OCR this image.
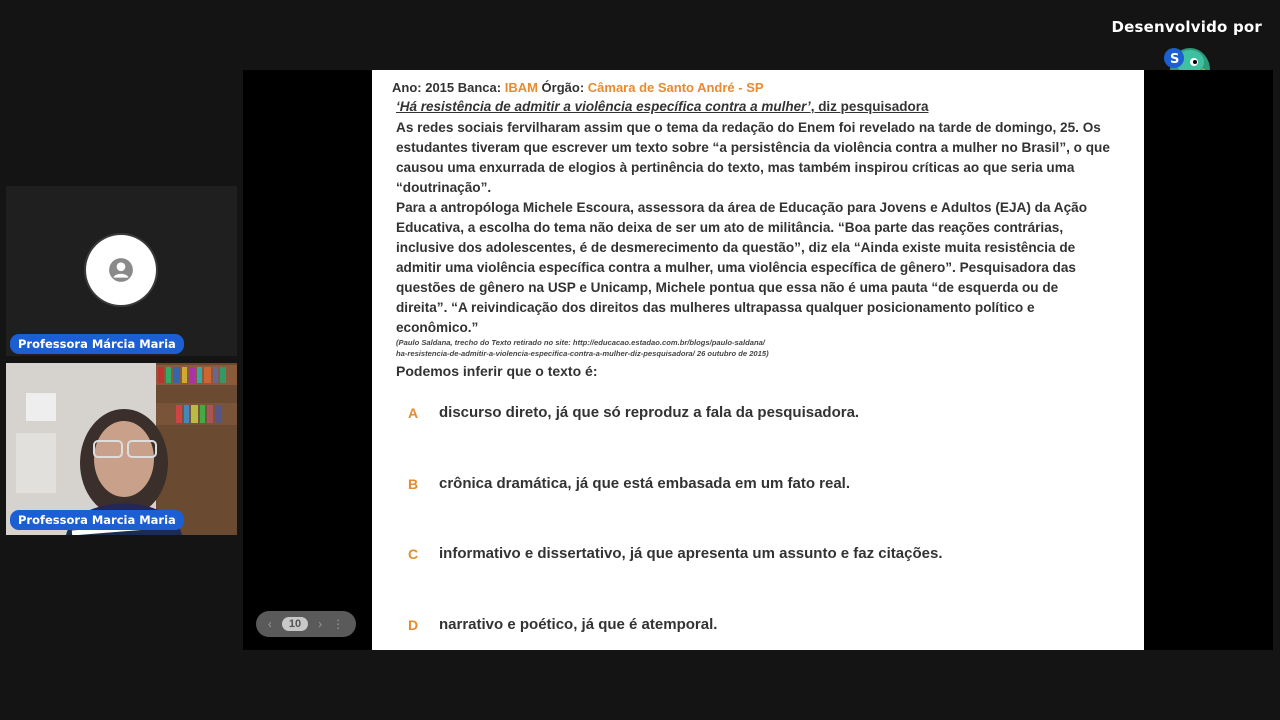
Desenvolvido por
S
Ano: 2015 Banca: IBAM Órgão: Câmara de Santo André - SP
‘Há resistência de admitir a violência específica contra a mulher’, diz pesquisadora

As redes sociais fervilharam assim que o tema da redação do Enem foi revelado na tarde de domingo, 25. Os estudantes tiveram que escrever um texto sobre “a persistência da violência contra a mulher no Brasil”, o que causou uma enxurrada de elogios à pertinência do texto, mas também inspirou críticas ao que seria uma “doutrinação”.

Para a antropóloga Michele Escoura, assessora da área de Educação para Jovens e Adultos (EJA) da Ação Educativa, a escolha do tema não deixa de ser um ato de militância. “Boa parte das reações contrárias, inclusive dos adolescentes, é de desmerecimento da questão”, diz ela “Ainda existe muita resistência de admitir uma violência específica contra a mulher, uma violência específica de gênero”. Pesquisadora das questões de gênero na USP e Unicamp, Michele pontua que essa não é uma pauta “de esquerda ou de direita”. “A reivindicação dos direitos das mulheres ultrapassa qualquer posicionamento político e econômico.”

(Paulo Saldana, trecho do Texto retirado no site: http://educacao.estadao.com.br/blogs/paulo-saldana/
ha-resistencia-de-admitir-a-violencia-especifica-contra-a-mulher-diz-pesquisadora/ 26 outubro de 2015)
Podemos inferir que o texto é:
A	discurso direto, já que só reproduz a fala da pesquisadora.
B	crônica dramática, já que está embasada em um fato real.
C	informativo e dissertativo, já que apresenta um assunto e faz citações.
D	narrativo e poético, já que é atemporal.
‹	10	› ⋮
Professora Márcia Maria
Professora Marcia Maria
